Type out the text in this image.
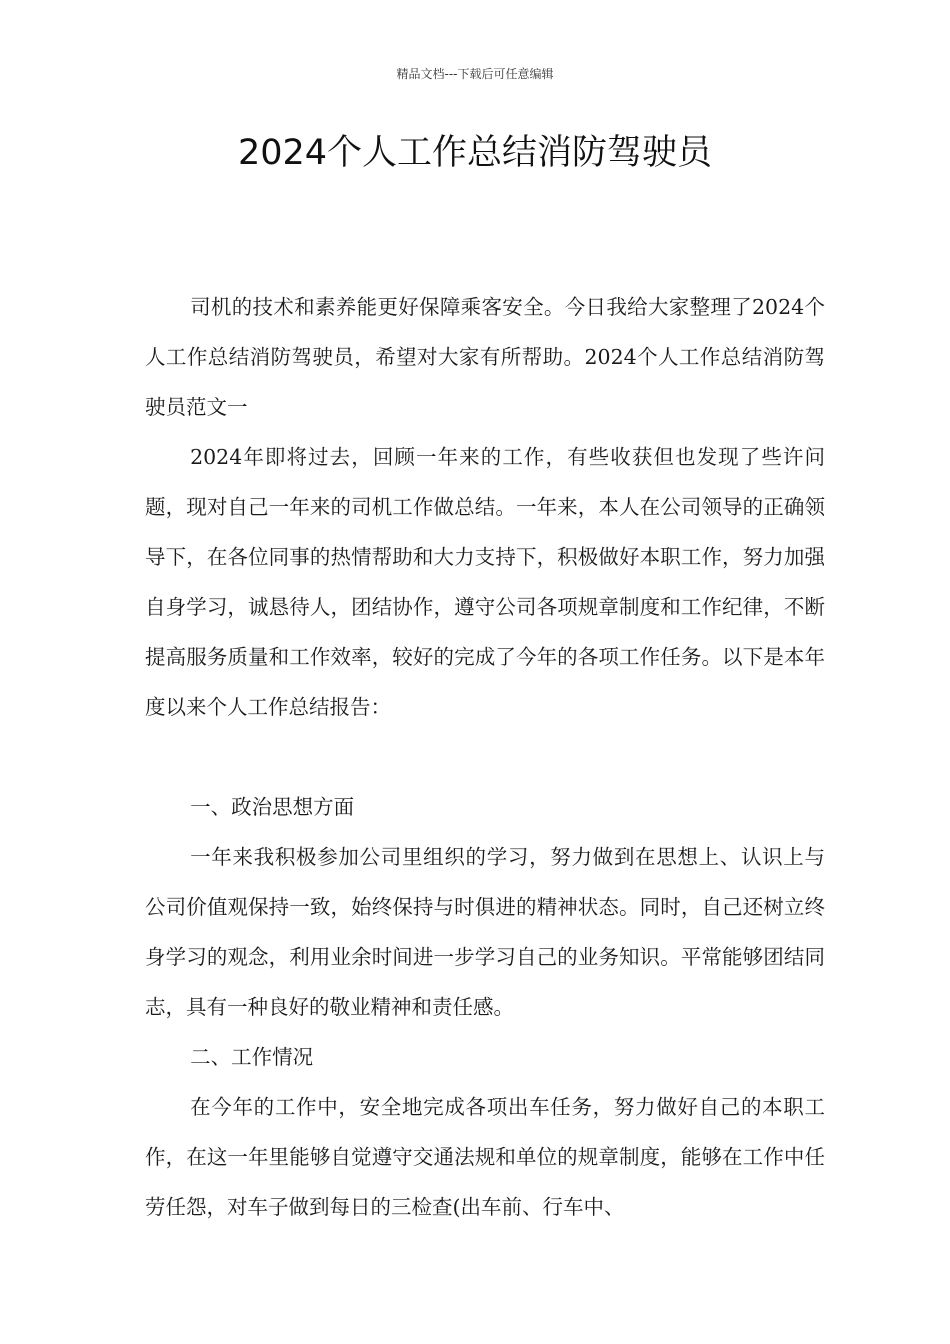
精品文档---下载后可任意编辑
2024个人工作总结消防驾驶员

司机的技术和素养能更好保障乘客安全。今日我给大家整理了2024个人工作总结消防驾驶员，希望对大家有所帮助。2024个人工作总结消防驾驶员范文一

2024年即将过去，回顾一年来的工作，有些收获但也发现了些许问题，现对自己一年来的司机工作做总结。一年来，本人在公司领导的正确领导下，在各位同事的热情帮助和大力支持下，积极做好本职工作，努力加强自身学习，诚恳待人，团结协作，遵守公司各项规章制度和工作纪律，不断提高服务质量和工作效率，较好的完成了今年的各项工作任务。以下是本年度以来个人工作总结报告：

一、政治思想方面

一年来我积极参加公司里组织的学习，努力做到在思想上、认识上与公司价值观保持一致，始终保持与时俱进的精神状态。同时，自己还树立终身学习的观念，利用业余时间进一步学习自己的业务知识。平常能够团结同志，具有一种良好的敬业精神和责任感。

二、工作情况

在今年的工作中，安全地完成各项出车任务，努力做好自己的本职工作，在这一年里能够自觉遵守交通法规和单位的规章制度，能够在工作中任劳任怨，对车子做到每日的三检查(出车前、行车中、
